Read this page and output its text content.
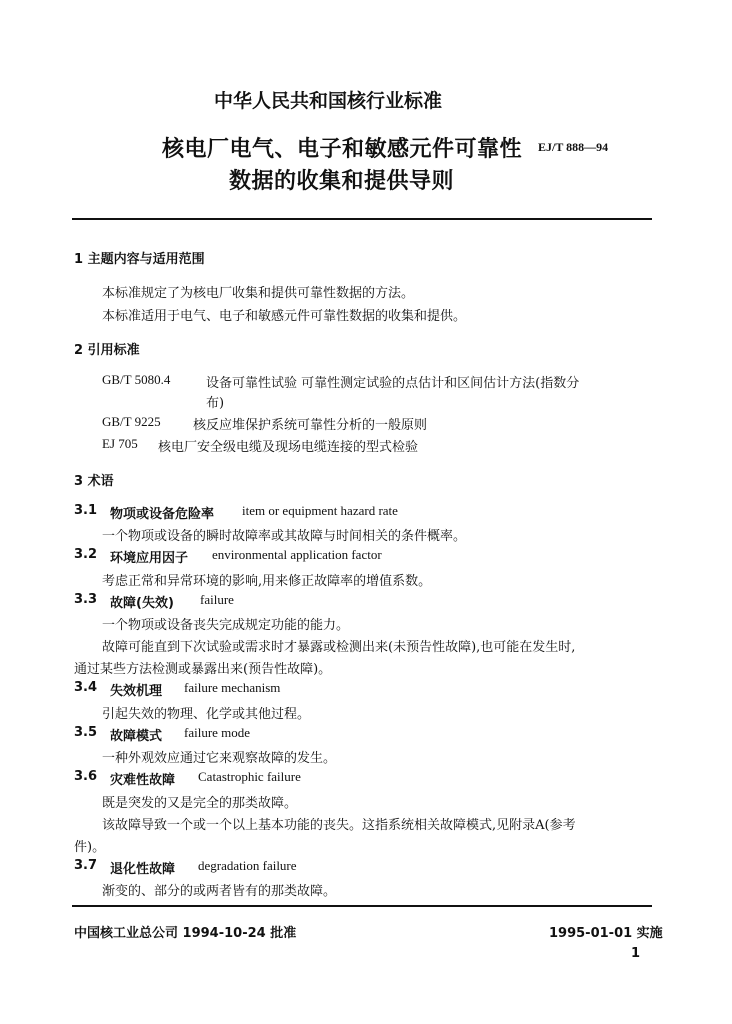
中华人民共和国核行业标准
核电厂电气、电子和敏感元件可靠性
数据的收集和提供导则
EJ/T 888—94
1 主题内容与适用范围
本标准规定了为核电厂收集和提供可靠性数据的方法。
本标准适用于电气、电子和敏感元件可靠性数据的收集和提供。
2 引用标准
GB/T 5080.4	设备可靠性试验 可靠性测定试验的点估计和区间估计方法(指数分
布)
GB/T 9225 核反应堆保护系统可靠性分析的一般原则
EJ 705 核电厂安全级电缆及现场电缆连接的型式检验
3 术语
3.1 物项或设备危险率 item or equipment hazard rate
一个物项或设备的瞬时故障率或其故障与时间相关的条件概率。
3.2 环境应用因子 environmental application factor
考虑正常和异常环境的影响,用来修正故障率的增值系数。
3.3 故障(失效) failure
一个物项或设备丧失完成规定功能的能力。
故障可能直到下次试验或需求时才暴露或检测出来(未预告性故障),也可能在发生时,
通过某些方法检测或暴露出来(预告性故障)。
3.4 失效机理 failure mechanism
引起失效的物理、化学或其他过程。
3.5 故障模式 failure mode
一种外观效应通过它来观察故障的发生。
3.6 灾难性故障 Catastrophic failure
既是突发的又是完全的那类故障。
该故障导致一个或一个以上基本功能的丧失。这指系统相关故障模式,见附录A(参考
件)。
3.7 退化性故障 degradation failure
渐变的、部分的或两者皆有的那类故障。
中国核工业总公司 1994-10-24 批准	1995-01-01 实施
1
